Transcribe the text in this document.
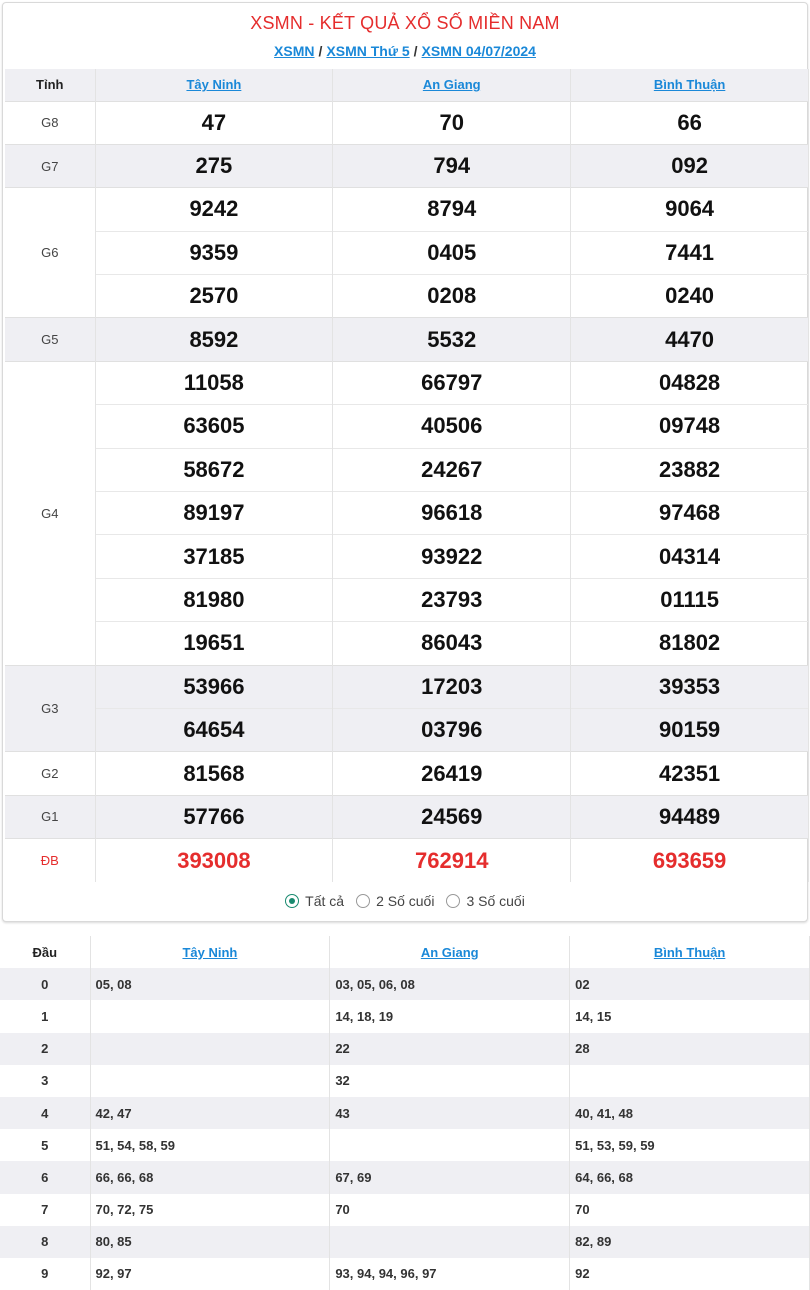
XSMN - KẾT QUẢ XỔ SỐ MIỀN NAM
XSMN / XSMN Thứ 5 / XSMN 04/07/2024
Tỉnh	Tây Ninh	An Giang	Bình Thuận
G8	47	70	66
G7	275	794	092
G6	9242	8794	9064
	9359	0405	7441
	2570	0208	0240
G5	8592	5532	4470
G4	11058	66797	04828
	63605	40506	09748
	58672	24267	23882
	89197	96618	97468
	37185	93922	04314
	81980	23793	01115
	19651	86043	81802
G3	53966	17203	39353
	64654	03796	90159
G2	81568	26419	42351
G1	57766	24569	94489
ĐB	393008	762914	693659
Tất cả 2 Số cuối 3 Số cuối
Đầu	Tây Ninh	An Giang	Bình Thuận
0	05, 08	03, 05, 06, 08	02
1		14, 18, 19	14, 15
2		22	28
3		32	
4	42, 47	43	40, 41, 48
5	51, 54, 58, 59		51, 53, 59, 59
6	66, 66, 68	67, 69	64, 66, 68
7	70, 72, 75	70	70
8	80, 85		82, 89
9	92, 97	93, 94, 94, 96, 97	92
